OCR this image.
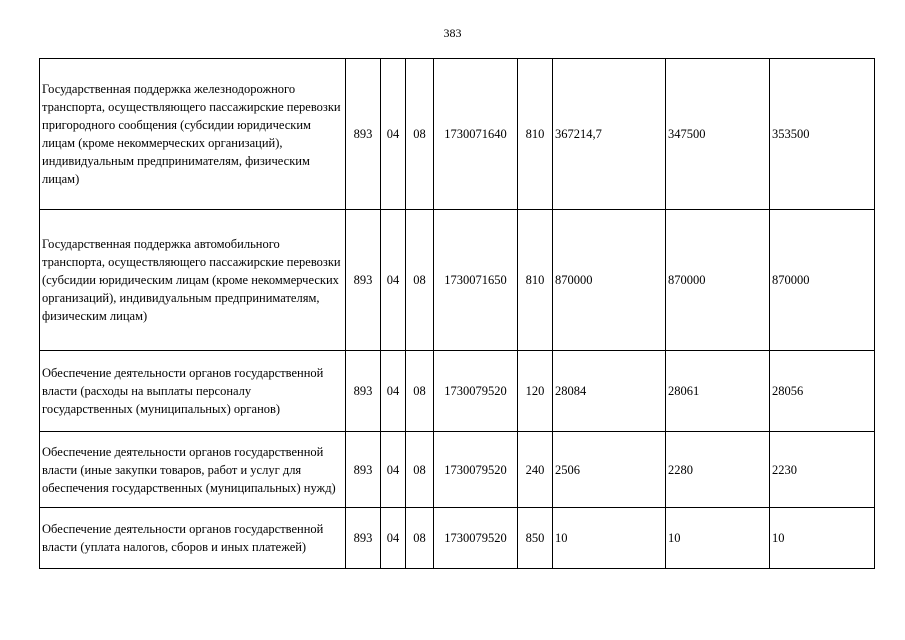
383
Государственная поддержка железнодорожного транспорта, осуществляющего пассажирские перевозки пригородного сообщения (субсидии юридическим лицам (кроме некоммерческих организаций), индивидуальным предпринимателям, физическим лицам)	893	04	08	1730071640	810	367214,7	347500	353500
Государственная поддержка автомобильного транспорта, осуществляющего пассажирские перевозки (субсидии юридическим лицам (кроме некоммерческих организаций), индивидуальным предпринимателям, физическим лицам)	893	04	08	1730071650	810	870000	870000	870000
Обеспечение деятельности органов государственной власти (расходы на выплаты персоналу государственных (муниципальных) органов)	893	04	08	1730079520	120	28084	28061	28056
Обеспечение деятельности органов государственной власти (иные закупки товаров, работ и услуг для обеспечения государственных (муниципальных) нужд)	893	04	08	1730079520	240	2506	2280	2230
Обеспечение деятельности органов государственной власти (уплата налогов, сборов и иных платежей)	893	04	08	1730079520	850	10	10	10
